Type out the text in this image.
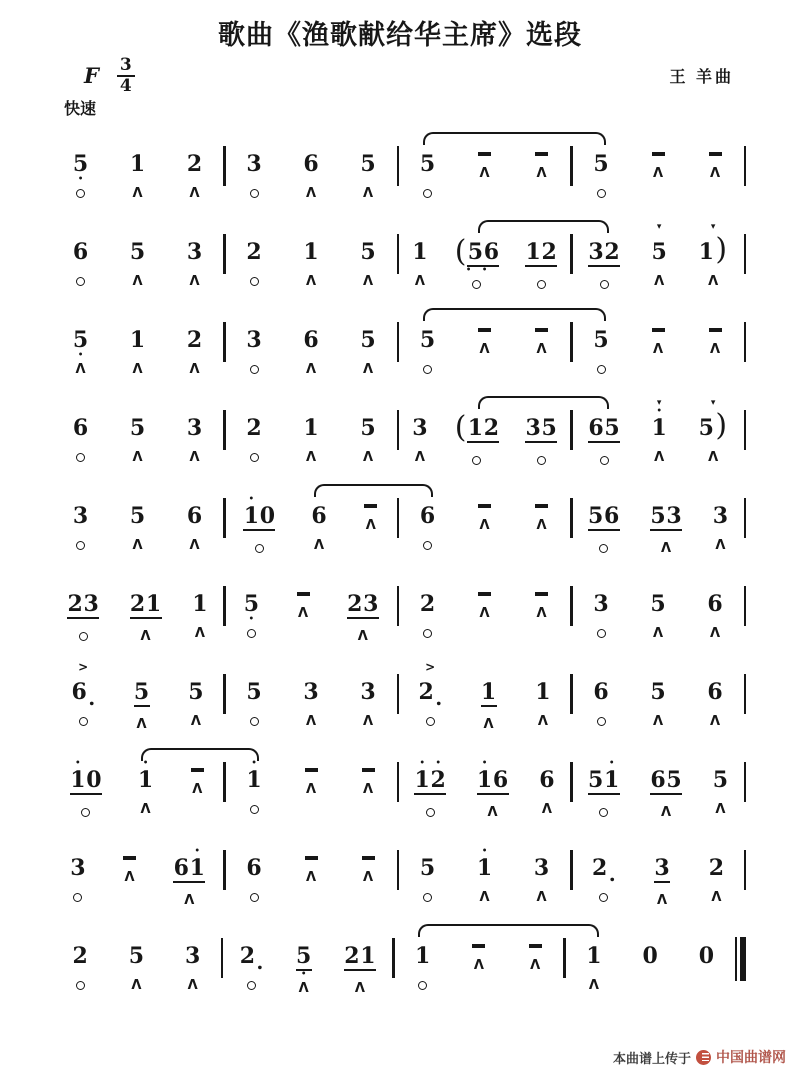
歌曲《渔歌献给华主席》选段
F $\frac{3}{4}$	王 羊曲
快速
5
•
1
Λ
2
Λ
3 6
Λ
5
Λ
5	Λ	Λ 5	Λ	Λ
6 5
Λ
3
Λ
2 1
Λ
5
Λ
1
Λ
( 5 6
•	•
1 2 3 2
▾
5
Λ
▾
1 )
Λ
5
•
Λ
1
Λ
2
Λ
3 6
Λ
5
Λ
5	Λ	Λ 5	Λ	Λ
6 5
Λ
3
Λ
2 1
Λ
5
Λ
3
Λ
( 1 2 3 5 6 5
▾
•
1
Λ
▾
5 )
Λ
3 5
Λ
6
Λ
•
1 0 6
Λ
Λ 6	Λ	Λ 5 6 5 3
Λ
3
Λ
2 3 2 1
Λ
1
Λ
5
•	Λ 2 3
Λ
2	Λ	Λ 3 5
Λ
6
Λ
>
6 . 5
Λ
5
Λ
5 3
Λ
3
Λ
>
2 . 1
Λ
1
Λ
6 5
Λ
6
Λ
•
1 0
•
1
Λ
Λ
•
1	Λ	Λ
•
1
•
2
•
1 6
Λ
6
Λ
5
•
1 6 5
Λ
5
Λ
3	Λ 6
•
1
Λ
6	Λ	Λ 5
•
1
Λ
3
Λ
2 . 3
Λ
2
Λ
2 5
Λ
3
Λ
2 . 5
•
Λ
2 1
Λ
1	Λ	Λ 1
Λ
0 0
本曲谱上传于 中国曲谱网
